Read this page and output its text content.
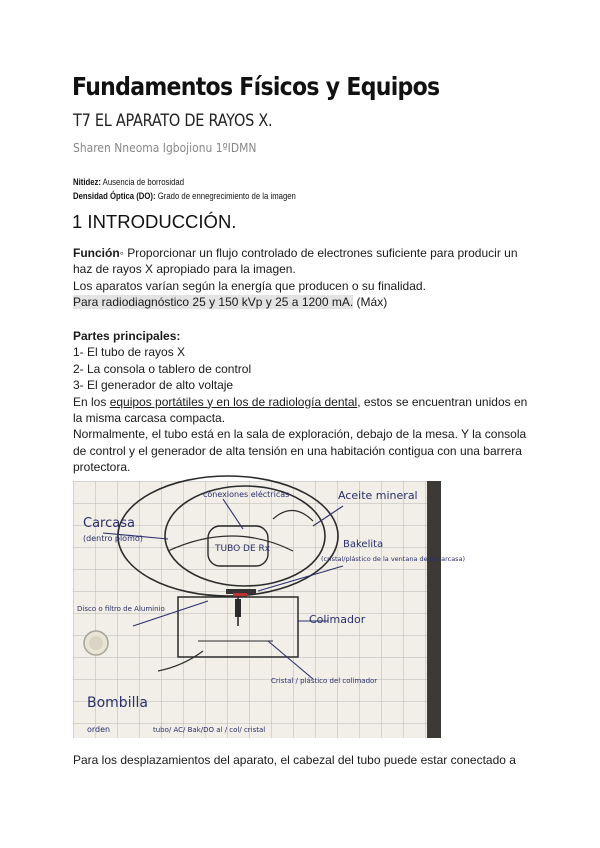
Fundamentos Físicos y Equipos
T7 EL APARATO DE RAYOS X.
Sharen Nneoma Igbojionu 1ºIDMN
Nitidez: Ausencia de borrosidad
Densidad Óptica (DO): Grado de ennegrecimiento de la imagen
1 INTRODUCCIÓN.

Función◦ Proporcionar un flujo controlado de electrones suficiente para producir un haz de rayos X apropiado para la imagen.

Los aparatos varían según la energía que producen o su finalidad.

Para radiodiagnóstico 25 y 150 kVp y 25 a 1200 mA. (Máx)

Partes principales:

1- El tubo de rayos X

2- La consola o tablero de control

3- El generador de alto voltaje

En los equipos portátiles y en los de radiología dental, estos se encuentran unidos en la misma carcasa compacta.

Normalmente, el tubo está en la sala de exploración, debajo de la mesa. Y la consola de control y el generador de alta tensión en una habitación contigua con una barrera protectora.

Carcasa
(dentro plomo)
conexiones eléctricas	Aceite mineral
TUBO DE Rx	Bakelita
(cristal/plástico de la ventana de la carcasa)
Disco o filtro de Aluminio
Colimador
Cristal / plástico del colimador
Bombilla
orden	tubo/ AC/ Bak/DO al / col/ cristal

Para los desplazamientos del aparato, el cabezal del tubo puede estar conectado a
